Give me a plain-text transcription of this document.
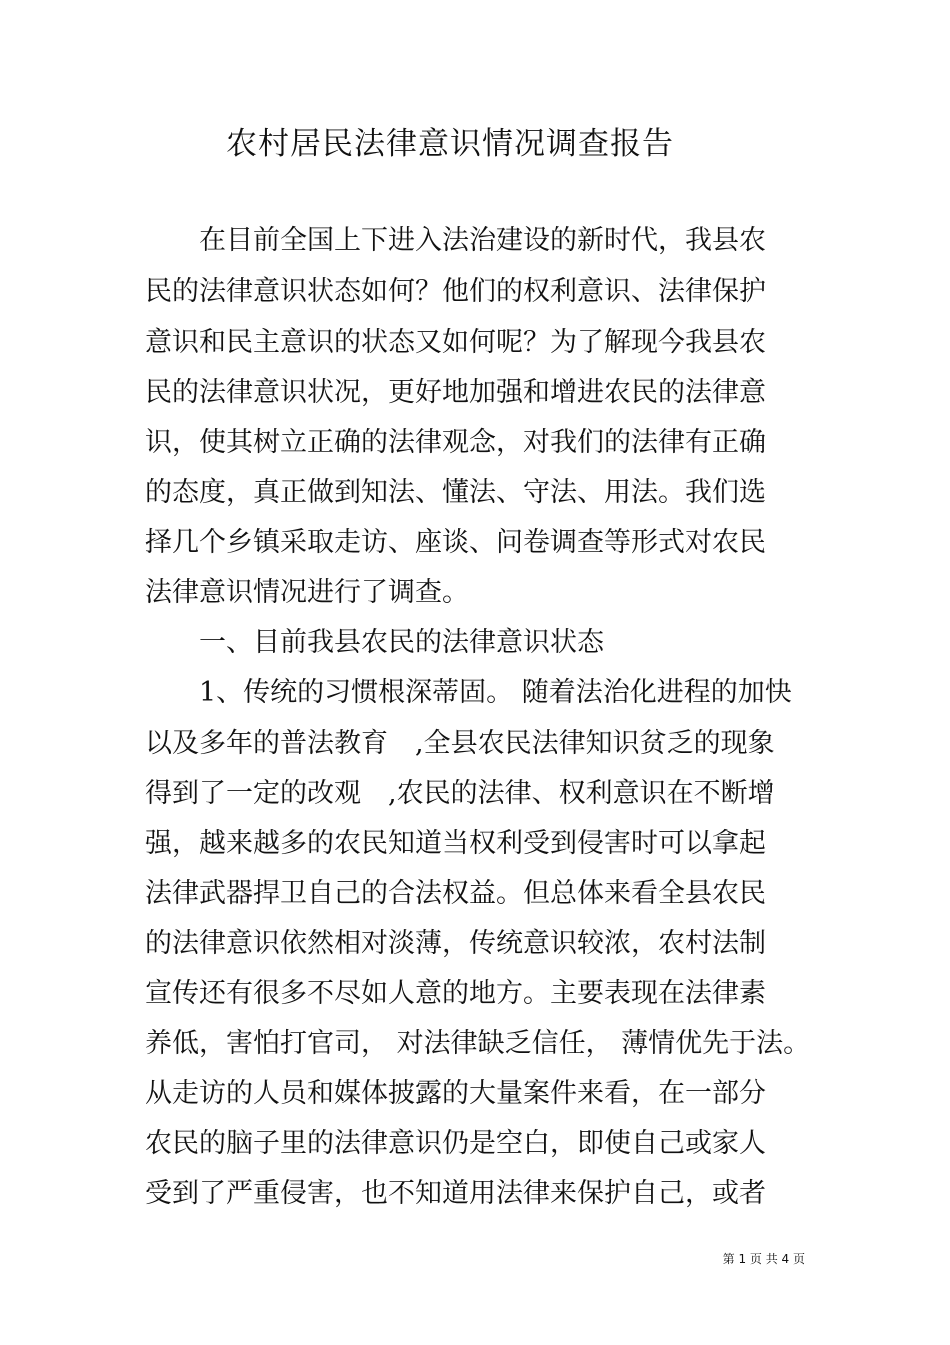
农村居民法律意识情况调查报告
　　在目前全国上下进入法治建设的新时代，我县农
民的法律意识状态如何？他们的权利意识、法律保护
意识和民主意识的状态又如何呢？为了解现今我县农
民的法律意识状况，更好地加强和增进农民的法律意
识，使其树立正确的法律观念，对我们的法律有正确
的态度，真正做到知法、懂法、守法、用法。我们选
择几个乡镇采取走访、座谈、问卷调查等形式对农民
法律意识情况进行了调查。
　　一、目前我县农民的法律意识状态
　　1、传统的习惯根深蒂固。 随着法治化进程的加快
以及多年的普法教育　,全县农民法律知识贫乏的现象
得到了一定的改观　,农民的法律、权利意识在不断增
强，越来越多的农民知道当权利受到侵害时可以拿起
法律武器捍卫自己的合法权益。但总体来看全县农民
的法律意识依然相对淡薄，传统意识较浓，农村法制
宣传还有很多不尽如人意的地方。主要表现在法律素
养低，害怕打官司， 对法律缺乏信任， 薄情优先于法。
从走访的人员和媒体披露的大量案件来看，在一部分
农民的脑子里的法律意识仍是空白，即使自己或家人
受到了严重侵害，也不知道用法律来保护自己，或者
第 1 页 共 4 页
